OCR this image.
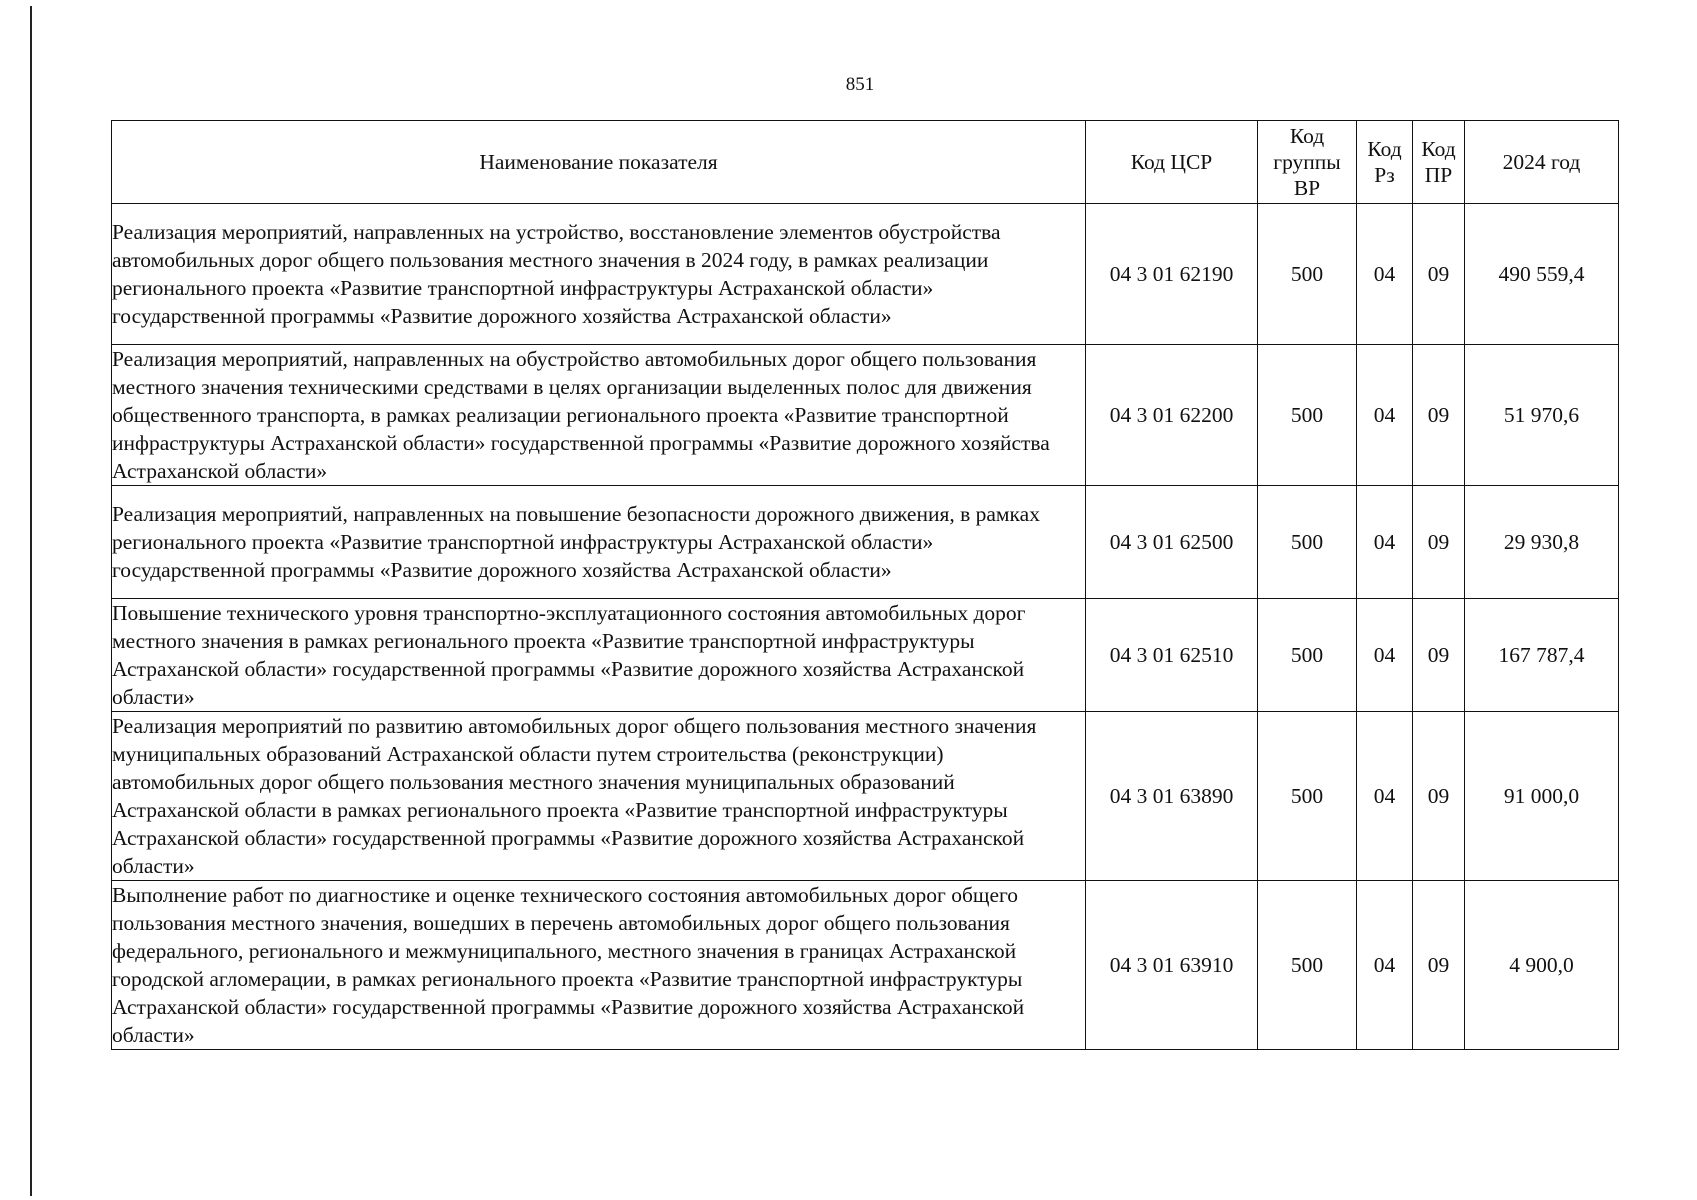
851
Наименование показателя	Код ЦСР	Код группы ВР	Код Рз	Код ПР	2024 год
Реализация мероприятий, направленных на устройство, восстановление элементов обустройства автомобильных дорог общего пользования местного значения в 2024 году, в рамках реализации регионального проекта «Развитие транспортной инфраструктуры Астраханской области» государственной программы «Развитие дорожного хозяйства Астраханской области»	04 3 01 62190	500	04	09	490 559,4
Реализация мероприятий, направленных на обустройство автомобильных дорог общего пользования местного значения техническими средствами в целях организации выделенных полос для движения общественного транспорта, в рамках реализации регионального проекта «Развитие транспортной инфраструктуры Астраханской области» государственной программы «Развитие дорожного хозяйства Астраханской области»	04 3 01 62200	500	04	09	51 970,6
Реализация мероприятий, направленных на повышение безопасности дорожного движения, в рамках регионального проекта «Развитие транспортной инфраструктуры Астраханской области» государственной программы «Развитие дорожного хозяйства Астраханской области»	04 3 01 62500	500	04	09	29 930,8
Повышение технического уровня транспортно-эксплуатационного состояния автомобильных дорог местного значения в рамках регионального проекта «Развитие транспортной инфраструктуры Астраханской области» государственной программы «Развитие дорожного хозяйства Астраханской области»	04 3 01 62510	500	04	09	167 787,4
Реализация мероприятий по развитию автомобильных дорог общего пользования местного значения муниципальных образований Астраханской области путем строительства (реконструкции) автомобильных дорог общего пользования местного значения муниципальных образований Астраханской области в рамках регионального проекта «Развитие транспортной инфраструктуры Астраханской области» государственной программы «Развитие дорожного хозяйства Астраханской области»	04 3 01 63890	500	04	09	91 000,0
Выполнение работ по диагностике и оценке технического состояния автомобильных дорог общего пользования местного значения, вошедших в перечень автомобильных дорог общего пользования федерального, регионального и межмуниципального, местного значения в границах Астраханской городской агломерации, в рамках регионального проекта «Развитие транспортной инфраструктуры Астраханской области» государственной программы «Развитие дорожного хозяйства Астраханской области»	04 3 01 63910	500	04	09	4 900,0
